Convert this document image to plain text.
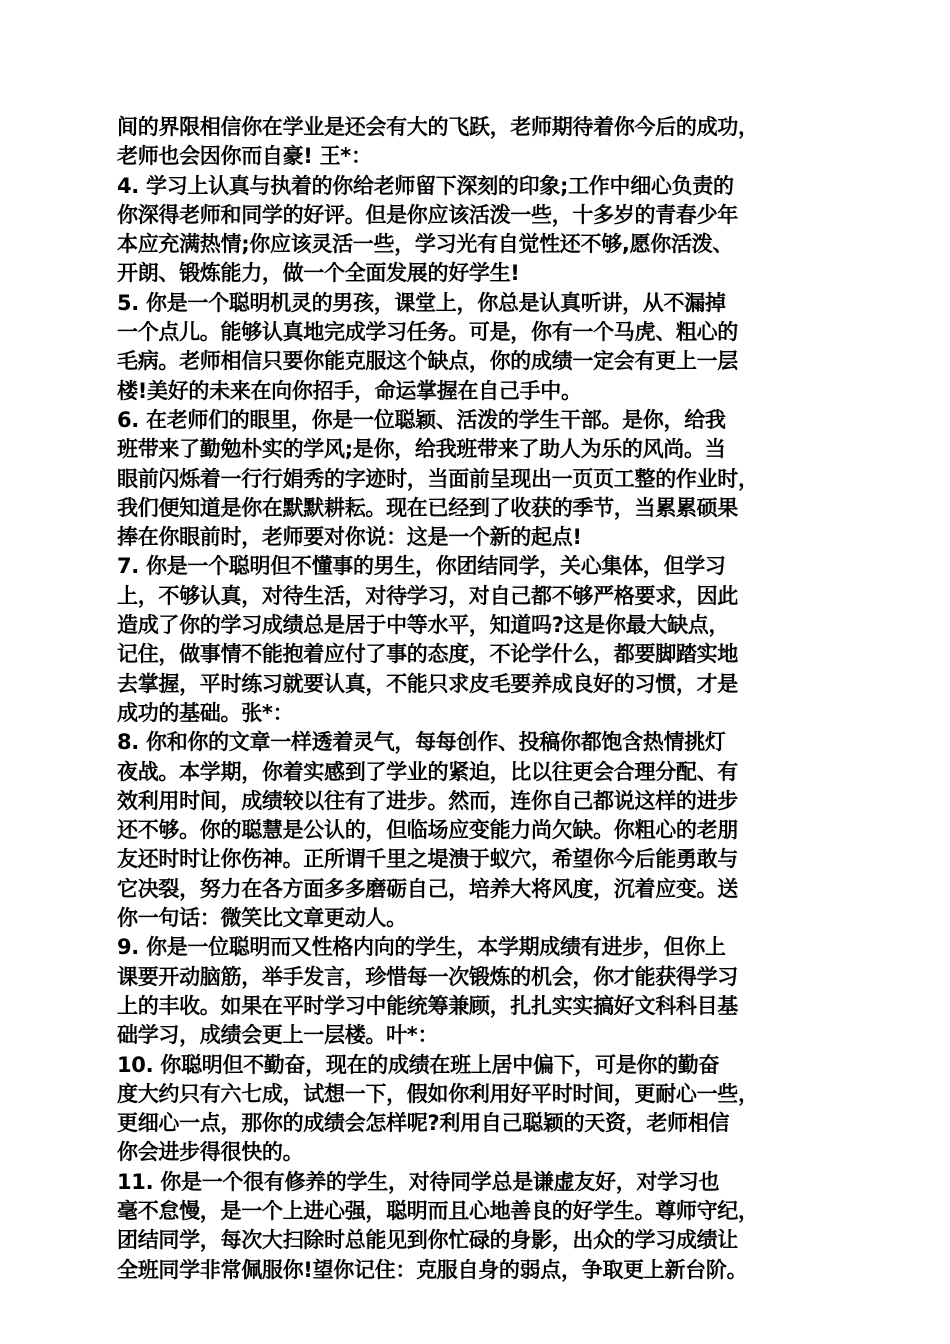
间的界限相信你在学业是还会有大的飞跃，老师期待着你今后的成功，
老师也会因你而自豪! 王*：
4. 学习上认真与执着的你给老师留下深刻的印象;工作中细心负责的
你深得老师和同学的好评。但是你应该活泼一些，十多岁的青春少年
本应充满热情;你应该灵活一些，学习光有自觉性还不够,愿你活泼、
开朗、锻炼能力，做一个全面发展的好学生!
5. 你是一个聪明机灵的男孩，课堂上，你总是认真听讲，从不漏掉
一个点儿。能够认真地完成学习任务。可是，你有一个马虎、粗心的
毛病。老师相信只要你能克服这个缺点，你的成绩一定会有更上一层
楼!美好的未来在向你招手，命运掌握在自己手中。
6. 在老师们的眼里，你是一位聪颖、活泼的学生干部。是你，给我
班带来了勤勉朴实的学风;是你，给我班带来了助人为乐的风尚。当
眼前闪烁着一行行娟秀的字迹时，当面前呈现出一页页工整的作业时，
我们便知道是你在默默耕耘。现在已经到了收获的季节，当累累硕果
捧在你眼前时，老师要对你说：这是一个新的起点!
7. 你是一个聪明但不懂事的男生，你团结同学，关心集体，但学习
上，不够认真，对待生活，对待学习，对自己都不够严格要求，因此
造成了你的学习成绩总是居于中等水平，知道吗?这是你最大缺点，
记住，做事情不能抱着应付了事的态度，不论学什么，都要脚踏实地
去掌握，平时练习就要认真，不能只求皮毛要养成良好的习惯，才是
成功的基础。张*：
8. 你和你的文章一样透着灵气，每每创作、投稿你都饱含热情挑灯
夜战。本学期，你着实感到了学业的紧迫，比以往更会合理分配、有
效利用时间，成绩较以往有了进步。然而，连你自己都说这样的进步
还不够。你的聪慧是公认的，但临场应变能力尚欠缺。你粗心的老朋
友还时时让你伤神。正所谓千里之堤溃于蚁穴，希望你今后能勇敢与
它决裂，努力在各方面多多磨砺自己，培养大将风度，沉着应变。送
你一句话：微笑比文章更动人。
9. 你是一位聪明而又性格内向的学生，本学期成绩有进步，但你上
课要开动脑筋，举手发言，珍惜每一次锻炼的机会，你才能获得学习
上的丰收。如果在平时学习中能统筹兼顾，扎扎实实搞好文科科目基
础学习，成绩会更上一层楼。叶*：
10. 你聪明但不勤奋，现在的成绩在班上居中偏下，可是你的勤奋
度大约只有六七成，试想一下，假如你利用好平时时间，更耐心一些，
更细心一点，那你的成绩会怎样呢?利用自己聪颖的天资，老师相信
你会进步得很快的。
11. 你是一个很有修养的学生，对待同学总是谦虚友好，对学习也
毫不怠慢，是一个上进心强，聪明而且心地善良的好学生。尊师守纪，
团结同学，每次大扫除时总能见到你忙碌的身影，出众的学习成绩让
全班同学非常佩服你!望你记住：克服自身的弱点，争取更上新台阶。
